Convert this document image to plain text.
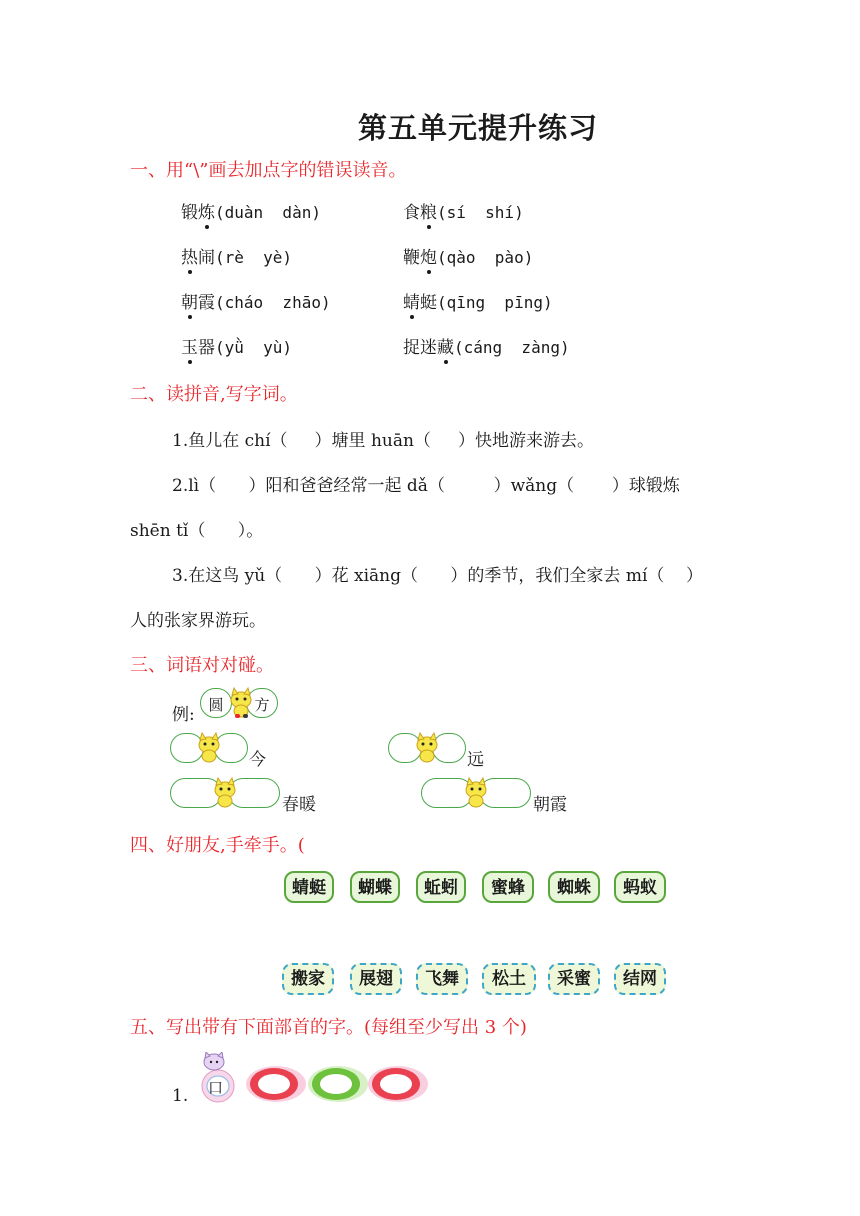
第五单元提升练习
一、用“\”画去加点字的错误读音。
锻炼(duàn  dàn)	食粮(sí  shí)
热闹(rè  yè)	鞭炮(qào  pào)
朝霞(cháo  zhāo)	蜻蜓(qīng  pīng)
玉器(yǜ  yù)	捉迷藏(cáng  zàng)
二、读拼音,写字词。
1.鱼儿在 chí（     ）塘里 huān（     ）快地游来游去。
2.lì（      ）阳和爸爸经常一起 dǎ（         ）wǎng（       ）球锻炼
shēn tǐ（      ）。
3.在这鸟 yǔ（      ）花 xiāng（      ）的季节，我们全家去 mí（    ）
人的张家界游玩。
三、词语对对碰。
例: 圆	方
今	远
春暖	朝霞
四、好朋友,手牵手。(
蜻蜓	蝴蝶	蚯蚓	蜜蜂	蜘蛛	蚂蚁
搬家	展翅	飞舞	松土	采蜜	结网
五、写出带有下面部首的字。(每组至少写出 3 个)
1. 口
